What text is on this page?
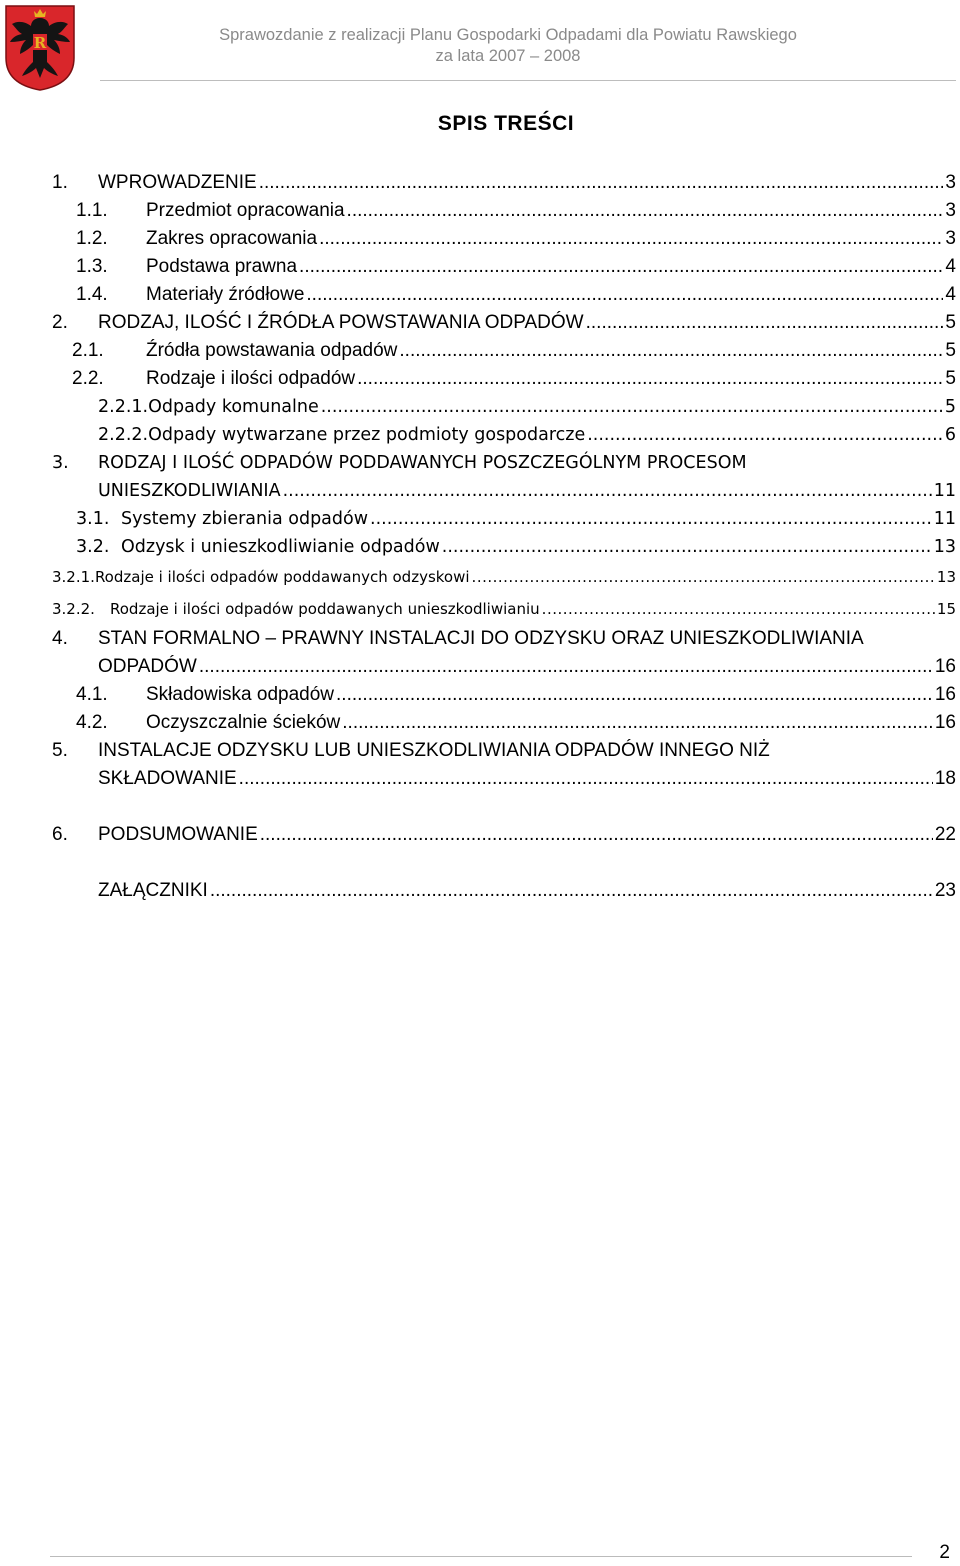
R	Sprawozdanie z realizacji Planu Gospodarki Odpadami dla Powiatu Rawskiego
za lata 2007 – 2008
SPIS TREŚCI
1.	WPROWADZENIE .....	3
1.1.	Przedmiot opracowania .....	3
1.2.	Zakres opracowania .....	3
1.3.	Podstawa prawna .....	4
1.4.	Materiały źródłowe .....	4
2.	RODZAJ, ILOŚĆ I ŹRÓDŁA POWSTAWANIA ODPADÓW .....	5
2.1.	Źródła powstawania odpadów .....	5
2.2.	Rodzaje i ilości odpadów .....	5
2.2.1. Odpady komunalne .....	5
2.2.2. Odpady wytwarzane przez podmioty gospodarcze .....	6
3. RODZAJ I ILOŚĆ ODPADÓW PODDAWANYCH POSZCZEGÓLNYM PROCESOM
UNIESZKODLIWIANIA .....	11
3.1. Systemy zbierania odpadów .....	11
3.2. Odzysk i unieszkodliwianie odpadów .....	13
3.2.1. Rodzaje i ilości odpadów poddawanych odzyskowi .....	13
3.2.2.	Rodzaje i ilości odpadów poddawanych unieszkodliwianiu .....	15
4. STAN FORMALNO – PRAWNY INSTALACJI DO ODZYSKU ORAZ UNIESZKODLIWIANIA
ODPADÓW .....	16
4.1.	Składowiska odpadów .....	16
4.2.	Oczyszczalnie ścieków .....	16
5. INSTALACJE ODZYSKU LUB UNIESZKODLIWIANIA ODPADÓW INNEGO NIŻ
SKŁADOWANIE .....	18
6.	PODSUMOWANIE .....	22
ZAŁĄCZNIKI .....	23
2
